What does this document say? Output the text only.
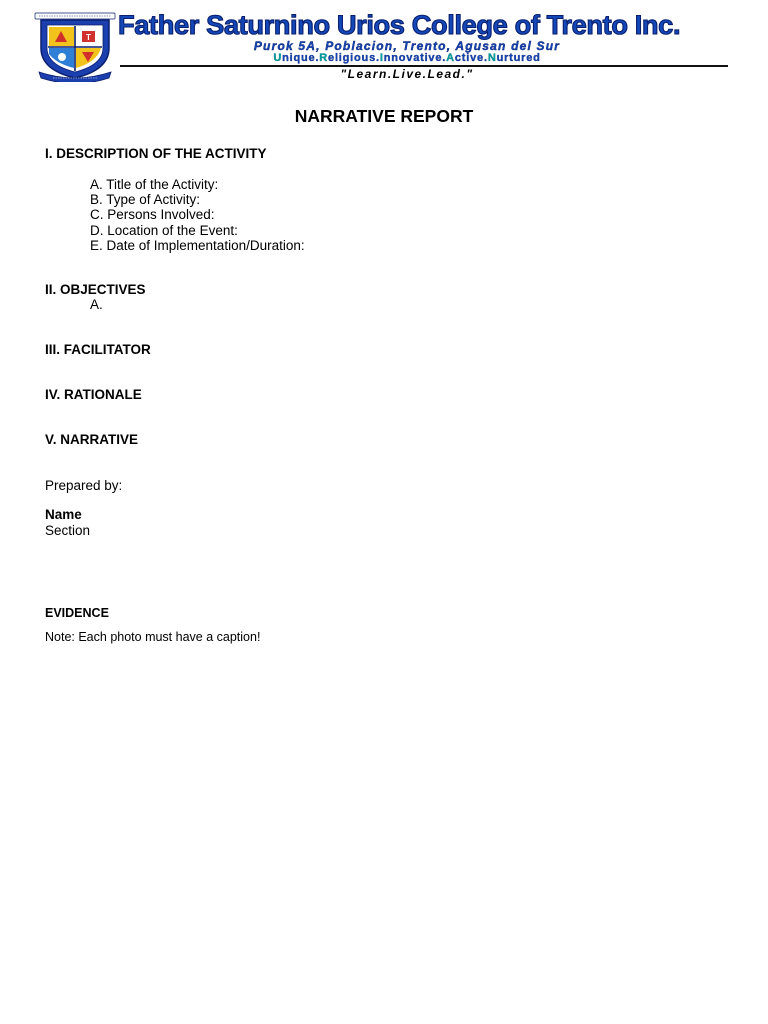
T Father Saturnino Urios College of Trento Inc.
Purok 5A, Poblacion, Trento, Agusan del Sur
Unique.Religious.Innovative.Active.Nurtured
"Learn.Live.Lead."
NARRATIVE REPORT
I. DESCRIPTION OF THE ACTIVITY
A. Title of the Activity:
B. Type of Activity:
C. Persons Involved:
D. Location of the Event:
E. Date of Implementation/Duration:
II. OBJECTIVES
A.
III. FACILITATOR
IV. RATIONALE
V. NARRATIVE

Prepared by:

Name

Section

EVIDENCE

Note: Each photo must have a caption!
